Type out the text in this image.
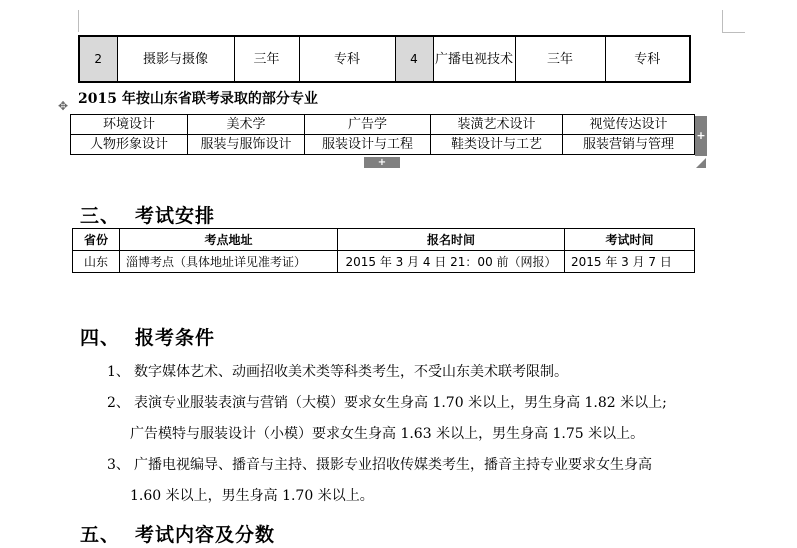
2	摄影与摄像	三年	专科	4	广播电视技术	三年	专科
✥ 2015 年按山东省联考录取的部分专业
环境设计	美术学	广告学	装潢艺术设计	视觉传达设计
人物形象设计	服装与服饰设计	服装设计与工程	鞋类设计与工艺	服装营销与管理
+
+
三、 考试安排
省份	考点地址	报名时间	考试时间
山东	淄博考点（具体地址详见准考证）	2015 年 3 月 4 日 21：00 前（网报）	2015 年 3 月 7 日
四、 报考条件
1、 数字媒体艺术、动画招收美术类等科类考生，不受山东美术联考限制。
2、 表演专业服装表演与营销（大模）要求女生身高 1.70 米以上，男生身高 1.82 米以上;
广告模特与服装设计（小模）要求女生身高 1.63 米以上，男生身高 1.75 米以上。
3、 广播电视编导、播音与主持、摄影专业招收传媒类考生，播音主持专业要求女生身高
1.60 米以上，男生身高 1.70 米以上。
五、 考试内容及分数
